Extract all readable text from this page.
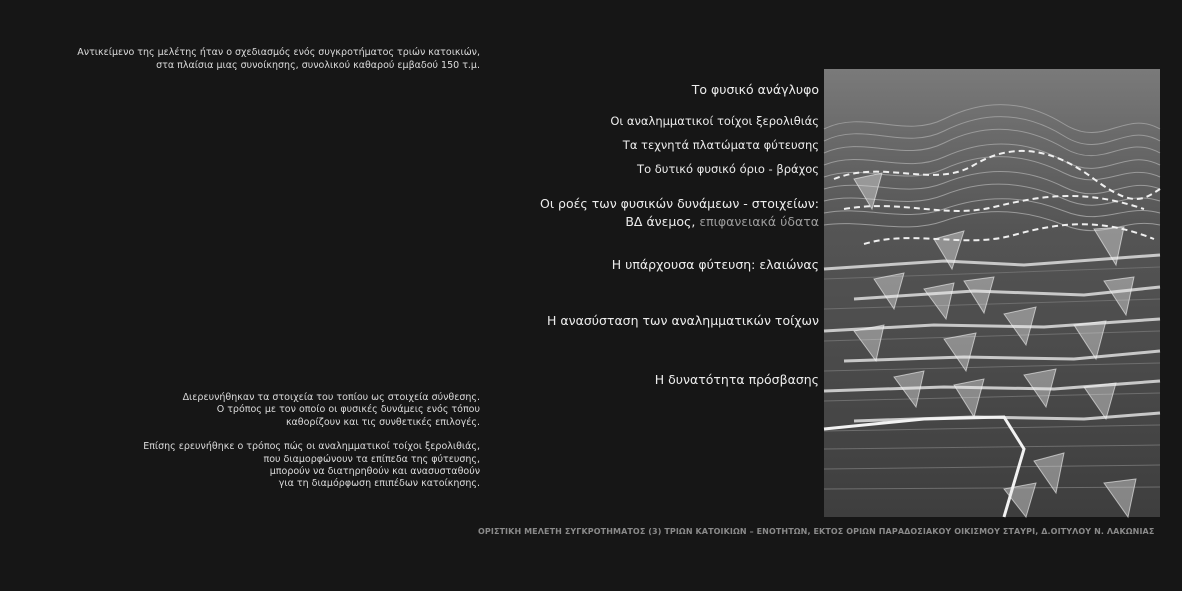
Αντικείμενο της μελέτης ήταν ο σχεδιασμός ενός συγκροτήματος τριών κατοικιών,

στα πλαίσια μιας συνοίκησης, συνολικού καθαρού εμβαδού 150 τ.μ.

Το φυσικό ανάγλυφο
Οι αναλημματικοί τοίχοι ξερολιθιάς
Τα τεχνητά πλατώματα φύτευσης
Το δυτικό φυσικό όριο - βράχος
Οι ροές των φυσικών δυνάμεων - στοιχείων:
ΒΔ άνεμος, επιφανειακά ύδατα
Η υπάρχουσα φύτευση: ελαιώνας
Η ανασύσταση των αναλημματικών τοίχων
Η δυνατότητα πρόσβασης

Διερευνήθηκαν τα στοιχεία του τοπίου ως στοιχεία σύνθεσης.

Ο τρόπος με τον οποίο οι φυσικές δυνάμεις ενός τόπου

καθορίζουν και τις συνθετικές επιλογές.

Επίσης ερευνήθηκε ο τρόπος πώς οι αναλημματικοί τοίχοι ξερολιθιάς,

που διαμορφώνουν τα επίπεδα της φύτευσης,

μπορούν να διατηρηθούν και ανασυσταθούν

για τη διαμόρφωση επιπέδων κατοίκησης.

ΟΡΙΣΤΙΚΗ ΜΕΛΕΤΗ ΣΥΓΚΡΟΤΗΜΑΤΟΣ (3) ΤΡΙΩΝ ΚΑΤΟΙΚΙΩΝ – ΕΝΟΤΗΤΩΝ, ΕΚΤΟΣ ΟΡΙΩΝ ΠΑΡΑΔΟΣΙΑΚΟΥ ΟΙΚΙΣΜΟΥ ΣΤΑΥΡΙ, Δ.ΟΙΤΥΛΟΥ Ν. ΛΑΚΩΝΙΑΣ
